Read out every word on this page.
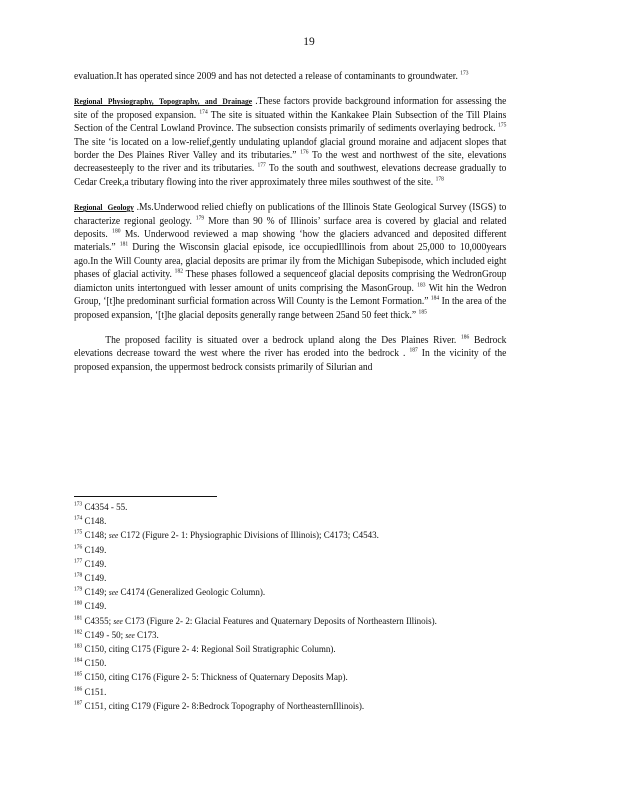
19

evaluation.It has operated since 2009 and has not detected a release of contaminants to groundwater. $^{173}$

Regional Physiography, Topography, and Drainage .These factors provide background information for assessing the site of the proposed expansion. $^{174}$ The site is situated within the Kankakee Plain Subsection of the Till Plains Section of the Central Lowland Province. The subsection consists primarily of sediments overlaying bedrock. $^{175}$ The site ‘is located on a low-relief,gently undulating uplandof glacial ground moraine and adjacent slopes that border the Des Plaines River Valley and its tributaries.” $^{176}$ To the west and northwest of the site, elevations decreasesteeply to the river and its tributaries. $^{177}$ To the south and southwest, elevations decrease gradually to Cedar Creek,a tributary flowing into the river approximately three miles southwest of the site. $^{178}$

Regional Geology .Ms.Underwood relied chiefly on publications of the Illinois State Geological Survey (ISGS) to characterize regional geology. $^{179}$ More than 90 % of Illinois’ surface area is covered by glacial and related deposits. $^{180}$ Ms. Underwood reviewed a map showing ‘how the glaciers advanced and deposited different materials.” $^{181}$ During the Wisconsin glacial episode, ice occupiedIllinois from about 25,000 to 10,000years ago.In the Will County area, glacial deposits are primar ily from the Michigan Subepisode, which included eight phases of glacial activity. $^{182}$ These phases followed a sequenceof glacial deposits comprising the WedronGroup diamicton units intertongued with lesser amount of units comprising the MasonGroup. $^{183}$ Wit hin the Wedron Group, ‘[t]he predominant surficial formation across Will County is the Lemont Formation.” $^{184}$ In the area of the proposed expansion, ‘[t]he glacial deposits generally range between 25and 50 feet thick.” $^{185}$

The proposed facility is situated over a bedrock upland along the Des Plaines River. $^{186}$ Bedrock elevations decrease toward the west where the river has eroded into the bedrock . $^{187}$ In the vicinity of the proposed expansion, the uppermost bedrock consists primarily of Silurian and

$^{173}$ C4354 - 55.
$^{174}$ C148.
$^{175}$ C148; see C172 (Figure 2- 1: Physiographic Divisions of Illinois); C4173; C4543.
$^{176}$ C149.
$^{177}$ C149.
$^{178}$ C149.
$^{179}$ C149; see C4174 (Generalized Geologic Column).
$^{180}$ C149.
$^{181}$ C4355; see C173 (Figure 2- 2: Glacial Features and Quaternary Deposits of Northeastern Illinois).
$^{182}$ C149 - 50; see C173.
$^{183}$ C150, citing C175 (Figure 2- 4: Regional Soil Stratigraphic Column).
$^{184}$ C150.
$^{185}$ C150, citing C176 (Figure 2- 5: Thickness of Quaternary Deposits Map).
$^{186}$ C151.
$^{187}$ C151, citing C179 (Figure 2- 8:Bedrock Topography of NortheasternIllinois).
